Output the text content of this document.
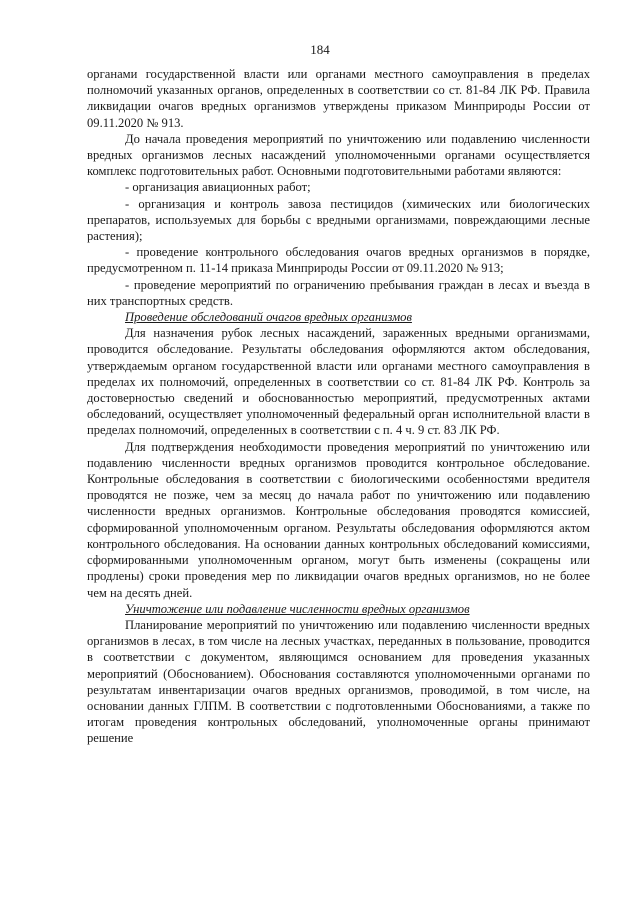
184

органами государственной власти или органами местного самоуправления в пределах полномочий указанных органов, определенных в соответствии со ст. 81-84 ЛК РФ. Правила ликвидации очагов вредных организмов утверждены приказом Минприроды России от 09.11.2020 № 913.

До начала проведения мероприятий по уничтожению или подавлению численности вредных организмов лесных насаждений уполномоченными органами осуществляется комплекс подготовительных работ. Основными подготовительными работами являются:

- организация авиационных работ;

- организация и контроль завоза пестицидов (химических или биологических препаратов, используемых для борьбы с вредными организмами, повреждающими лесные растения);

- проведение контрольного обследования очагов вредных организмов в порядке, предусмотренном п. 11-14 приказа Минприроды России от 09.11.2020 № 913;

- проведение мероприятий по ограничению пребывания граждан в лесах и въезда в них транспортных средств.

Проведение обследований очагов вредных организмов

Для назначения рубок лесных насаждений, зараженных вредными организмами, проводится обследование. Результаты обследования оформляются актом обследования, утверждаемым органом государственной власти или органами местного самоуправления в пределах их полномочий, определенных в соответствии со ст. 81-84 ЛК РФ. Контроль за достоверностью сведений и обоснованностью мероприятий, предусмотренных актами обследований, осуществляет уполномоченный федеральный орган исполнительной власти в пределах полномочий, определенных в соответствии с п. 4 ч. 9 ст. 83 ЛК РФ.

Для подтверждения необходимости проведения мероприятий по уничтожению или подавлению численности вредных организмов проводится контрольное обследование. Контрольные обследования в соответствии с биологическими особенностями вредителя проводятся не позже, чем за месяц до начала работ по уничтожению или подавлению численности вредных организмов. Контрольные обследования проводятся комиссией, сформированной уполномоченным органом. Результаты обследования оформляются актом контрольного обследования. На основании данных контрольных обследований комиссиями, сформированными уполномоченным органом, могут быть изменены (сокращены или продлены) сроки проведения мер по ликвидации очагов вредных организмов, но не более чем на десять дней.

Уничтожение или подавление численности вредных организмов

Планирование мероприятий по уничтожению или подавлению численности вредных организмов в лесах, в том числе на лесных участках, переданных в пользование, проводится в соответствии с документом, являющимся основанием для проведения указанных мероприятий (Обоснованием). Обоснования составляются уполномоченными органами по результатам инвентаризации очагов вредных организмов, проводимой, в том числе, на основании данных ГЛПМ. В соответствии с подготовленными Обоснованиями, а также по итогам проведения контрольных обследований, уполномоченные органы принимают решение
